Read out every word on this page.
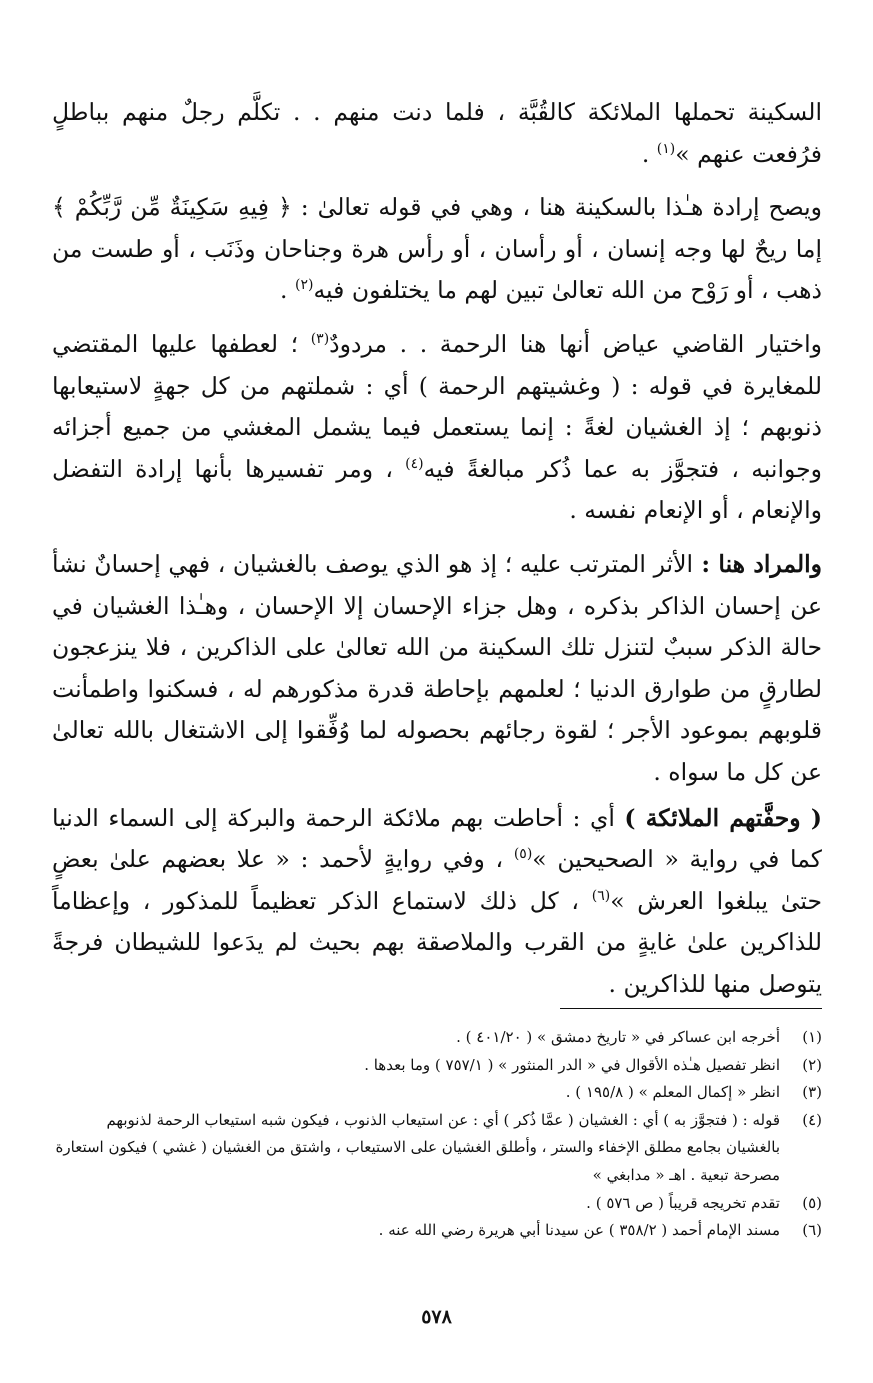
السكينة تحملها الملائكة كالقُبَّة ، فلما دنت منهم . . تكلَّم رجلٌ منهم بباطلٍ فرُفعت عنهم »$^{(١)}$ .

ويصح إرادة هـٰذا بالسكينة هنا ، وهي في قوله تعالىٰ : ﴿ فِيهِ سَكِينَةٌ مِّن رَّبِّكُمْ ﴾ إما ريحٌ لها وجه إنسان ، أو رأسان ، أو رأس هرة وجناحان وذَنَب ، أو طست من ذهب ، أو رَوْح من الله تعالىٰ تبين لهم ما يختلفون فيه$^{(٢)}$ .

واختيار القاضي عياض أنها هنا الرحمة . . مردودٌ$^{(٣)}$ ؛ لعطفها عليها المقتضي للمغايرة في قوله : ( وغشيتهم الرحمة ) أي : شملتهم من كل جهةٍ لاستيعابها ذنوبهم ؛ إذ الغشيان لغةً : إنما يستعمل فيما يشمل المغشي من جميع أجزائه وجوانبه ، فتجوَّز به عما ذُكر مبالغةً فيه$^{(٤)}$ ، ومر تفسيرها بأنها إرادة التفضل والإنعام ، أو الإنعام نفسه .

والمراد هنا : الأثر المترتب عليه ؛ إذ هو الذي يوصف بالغشيان ، فهي إحسانٌ نشأ عن إحسان الذاكر بذكره ، وهل جزاء الإحسان إلا الإحسان ، وهـٰذا الغشيان في حالة الذكر سببٌ لتنزل تلك السكينة من الله تعالىٰ على الذاكرين ، فلا ينزعجون لطارقٍ من طوارق الدنيا ؛ لعلمهم بإحاطة قدرة مذكورهم له ، فسكنوا واطمأنت قلوبهم بموعود الأجر ؛ لقوة رجائهم بحصوله لما وُفِّقوا إلى الاشتغال بالله تعالىٰ عن كل ما سواه .

( وحفَّتهم الملائكة ) أي : أحاطت بهم ملائكة الرحمة والبركة إلى السماء الدنيا كما في رواية « الصحيحين »$^{(٥)}$ ، وفي روايةٍ لأحمد : « علا بعضهم علىٰ بعضٍ حتىٰ يبلغوا العرش »$^{(٦)}$ ، كل ذلك لاستماع الذكر تعظيماً للمذكور ، وإعظاماً للذاكرين علىٰ غايةٍ من القرب والملاصقة بهم بحيث لم يدَعوا للشيطان فرجةً يتوصل منها للذاكرين .

(١)
أخرجه ابن عساكر في « تاريخ دمشق » ( ٤٠١/٢٠ ) .
(٢)
انظر تفصيل هـٰذه الأقوال في « الدر المنثور » ( ٧٥٧/١ ) وما بعدها .
(٣)
انظر « إكمال المعلم » ( ١٩٥/٨ ) .
(٤)
قوله : ( فتجوَّز به ) أي : الغشيان ( عمَّا ذُكر ) أي : عن استيعاب الذنوب ، فيكون شبه استيعاب الرحمة لذنوبهم بالغشيان بجامع مطلق الإخفاء والستر ، وأطلق الغشيان على الاستيعاب ، واشتق من الغشيان ( غشي ) فيكون استعارة مصرحة تبعية . اهـ « مدابغي »
(٥)
تقدم تخريجه قريباً ( ص ٥٧٦ ) .
(٦)
مسند الإمام أحمد ( ٣٥٨/٢ ) عن سيدنا أبي هريرة رضي الله عنه .
٥٧٨
